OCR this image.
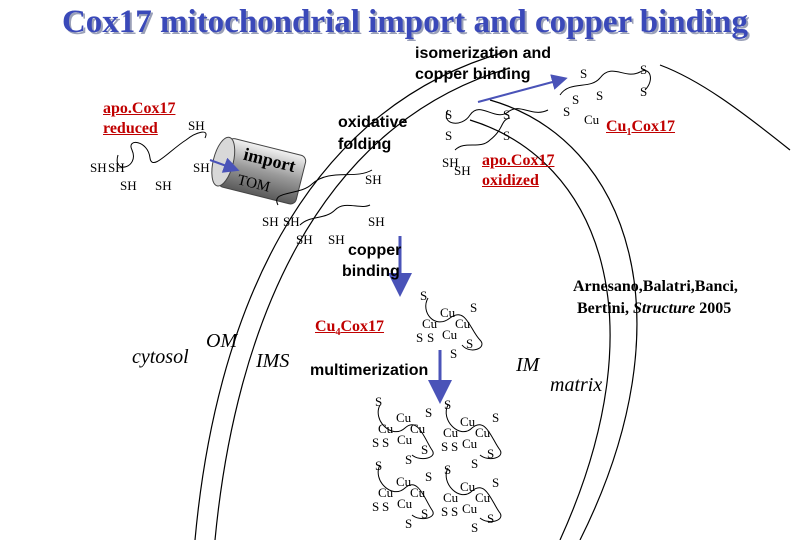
Cox17 mitochondrial import and copper binding
isomerization and
copper binding
apo.Cox17
reduced SH
SH SH
SH SH
SH import
TOM
oxidative
folding
SH
SH SH
SH SH
SH
S
S
S
S
SH
SH
apo.Cox17
oxidized
S	S
S
S S
S
Cu $Cu_1Cox17$
copper
binding
$Cu_4Cox17$
S
S
Cu
Cu Cu
Cu
S S S
S
cytosol
OM
IMS multimerization	IM
matrix
Arnesano,Balatri,Banci,
Bertini, Structure 2005
S
S
Cu
Cu Cu
Cu
S S S
S
S
S
Cu
Cu Cu
Cu
S S S
S
S
S
Cu
Cu Cu
Cu
S S S
S
S
S
Cu
Cu Cu
Cu
S S S
S
